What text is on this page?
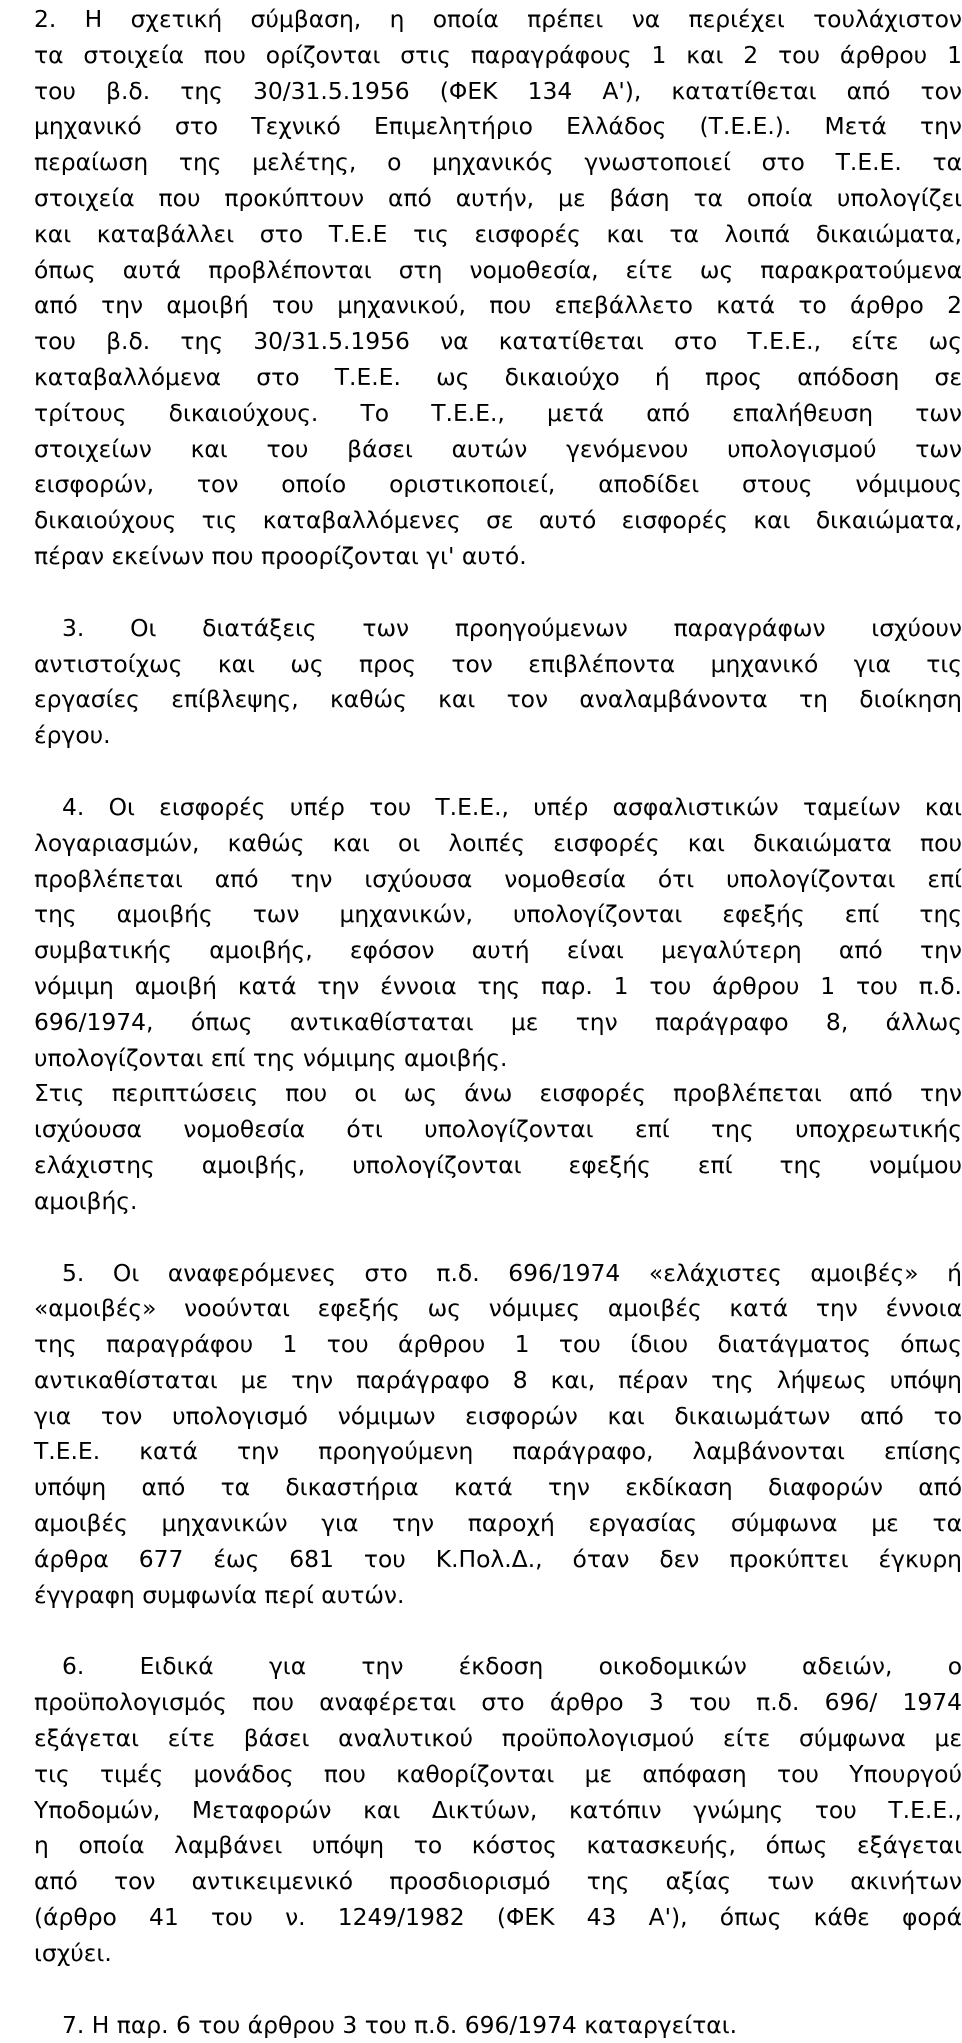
2. Η σχετική σύμβαση, η οποία πρέπει να περιέχει τουλάχιστον
τα στοιχεία που ορίζονται στις παραγράφους 1 και 2 του άρθρου 1
του β.δ. της 30/31.5.1956 (ΦΕΚ 134 Α'), κατατίθεται από τον
μηχανικό στο Τεχνικό Επιμελητήριο Ελλάδος (Τ.Ε.Ε.). Μετά την
περαίωση της μελέτης, ο μηχανικός γνωστοποιεί στο Τ.Ε.Ε. τα
στοιχεία που προκύπτουν από αυτήν, με βάση τα οποία υπολογίζει
και καταβάλλει στο Τ.Ε.Ε τις εισφορές και τα λοιπά δικαιώματα,
όπως αυτά προβλέπονται στη νομοθεσία, είτε ως παρακρατούμενα
από την αμοιβή του μηχανικού, που επεβάλλετο κατά το άρθρο 2
του β.δ. της 30/31.5.1956 να κατατίθεται στο Τ.Ε.Ε., είτε ως
καταβαλλόμενα στο Τ.Ε.Ε. ως δικαιούχο ή προς απόδοση σε
τρίτους δικαιούχους. Το Τ.Ε.Ε., μετά από επαλήθευση των
στοιχείων και του βάσει αυτών γενόμενου υπολογισμού των
εισφορών, τον οποίο οριστικοποιεί, αποδίδει στους νόμιμους
δικαιούχους τις καταβαλλόμενες σε αυτό εισφορές και δικαιώματα,
πέραν εκείνων που προορίζονται γι' αυτό.

3. Οι διατάξεις των προηγούμενων παραγράφων ισχύουν
αντιστοίχως και ως προς τον επιβλέποντα μηχανικό για τις
εργασίες επίβλεψης, καθώς και τον αναλαμβάνοντα τη διοίκηση
έργου.

4. Οι εισφορές υπέρ του Τ.Ε.Ε., υπέρ ασφαλιστικών ταμείων και
λογαριασμών, καθώς και οι λοιπές εισφορές και δικαιώματα που
προβλέπεται από την ισχύουσα νομοθεσία ότι υπολογίζονται επί
της αμοιβής των μηχανικών, υπολογίζονται εφεξής επί της
συμβατικής αμοιβής, εφόσον αυτή είναι μεγαλύτερη από την
νόμιμη αμοιβή κατά την έννοια της παρ. 1 του άρθρου 1 του π.δ.
696/1974, όπως αντικαθίσταται με την παράγραφο 8, άλλως
υπολογίζονται επί της νόμιμης αμοιβής.
Στις περιπτώσεις που οι ως άνω εισφορές προβλέπεται από την
ισχύουσα νομοθεσία ότι υπολογίζονται επί της υποχρεωτικής
ελάχιστης αμοιβής, υπολογίζονται εφεξής επί της νομίμου
αμοιβής.

5. Οι αναφερόμενες στο π.δ. 696/1974 «ελάχιστες αμοιβές» ή
«αμοιβές» νοούνται εφεξής ως νόμιμες αμοιβές κατά την έννοια
της παραγράφου 1 του άρθρου 1 του ίδιου διατάγματος όπως
αντικαθίσταται με την παράγραφο 8 και, πέραν της λήψεως υπόψη
για τον υπολογισμό νόμιμων εισφορών και δικαιωμάτων από το
Τ.Ε.Ε. κατά την προηγούμενη παράγραφο, λαμβάνονται επίσης
υπόψη από τα δικαστήρια κατά την εκδίκαση διαφορών από
αμοιβές μηχανικών για την παροχή εργασίας σύμφωνα με τα
άρθρα 677 έως 681 του Κ.Πολ.Δ., όταν δεν προκύπτει έγκυρη
έγγραφη συμφωνία περί αυτών.

6. Ειδικά για την έκδοση οικοδομικών αδειών, ο
προϋπολογισμός που αναφέρεται στο άρθρο 3 του π.δ. 696/ 1974
εξάγεται είτε βάσει αναλυτικού προϋπολογισμού είτε σύμφωνα με
τις τιμές μονάδος που καθορίζονται με απόφαση του Υπουργού
Υποδομών, Μεταφορών και Δικτύων, κατόπιν γνώμης του Τ.Ε.Ε.,
η οποία λαμβάνει υπόψη το κόστος κατασκευής, όπως εξάγεται
από τον αντικειμενικό προσδιορισμό της αξίας των ακινήτων
(άρθρο 41 του ν. 1249/1982 (ΦΕΚ 43 Α'), όπως κάθε φορά
ισχύει.

7. Η παρ. 6 του άρθρου 3 του π.δ. 696/1974 καταργείται.
